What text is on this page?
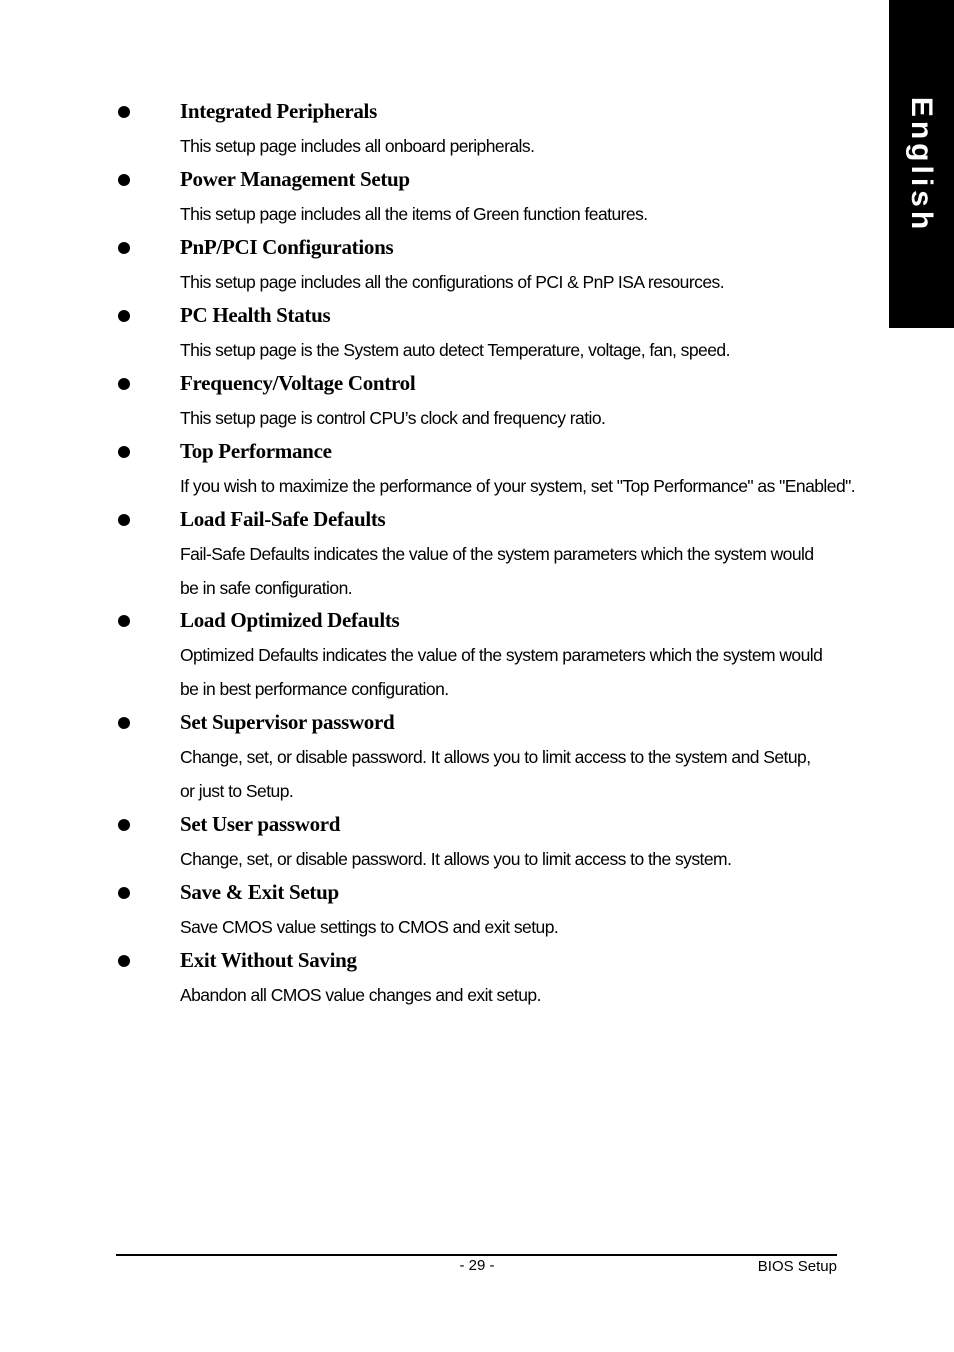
English
Integrated Peripherals
This setup page includes all onboard peripherals.
Power Management Setup
This setup page includes all the items of Green function features.
PnP/PCI Configurations
This setup page includes all the configurations of PCI & PnP ISA resources.
PC Health Status
This setup page is the System auto detect Temperature, voltage, fan, speed.
Frequency/Voltage Control
This setup page is control CPU’s clock and frequency ratio.
Top Performance
If you wish to maximize the performance of your system, set "Top Performance" as "Enabled".
Load Fail-Safe Defaults
Fail-Safe Defaults indicates the value of the system parameters which the system would
be in safe configuration.
Load Optimized Defaults
Optimized Defaults indicates the value of the system parameters which the system would
be in best performance configuration.
Set Supervisor password
Change, set, or disable password. It allows you to limit access to the system and Setup,
or just to Setup.
Set User password
Change, set, or disable password. It allows you to limit access to the system.
Save & Exit Setup
Save CMOS value settings to CMOS and exit setup.
Exit Without Saving
Abandon all CMOS value changes and exit setup.
- 29 -	BIOS Setup
